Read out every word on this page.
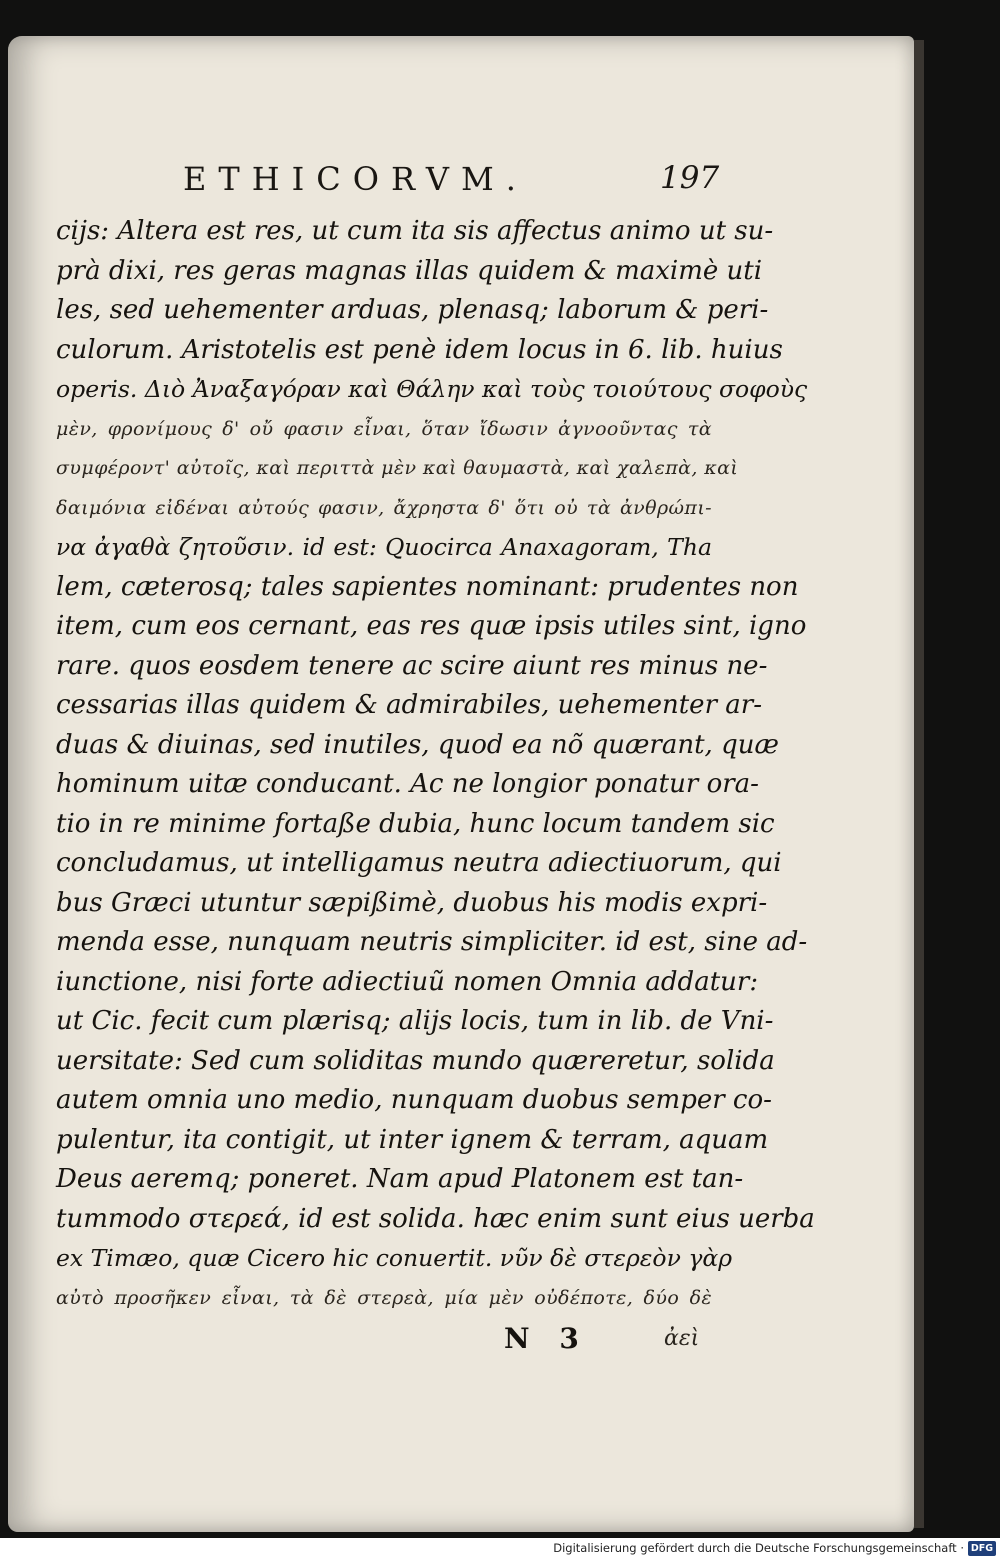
ETHICORVM.	197
cijs: Altera est res, ut cum ita sis affectus animo ut su-
prà dixi, res geras magnas illas quidem & maximè uti
les, sed uehementer arduas, plenasq; laborum & peri-
culorum. Aristotelis est penè idem locus in 6. lib. huius
operis. Διὸ Ἀναξαγόραν καὶ Θάλην καὶ τοὺς τοιούτους σοφοὺς
μὲν, φρονίμους δ' οὔ φασιν εἶναι, ὅταν ἴδωσιν ἀγνοοῦντας τὰ
συμφέροντ' αὐτοῖς, καὶ περιττὰ μὲν καὶ θαυμαστὰ, καὶ χαλεπὰ, καὶ
δαιμόνια εἰδέναι αὐτούς φασιν, ἄχρηστα δ' ὅτι οὐ τὰ ἀνθρώπι-
να ἀγαθὰ ζητοῦσιν. id est: Quocirca Anaxagoram, Tha
lem, cæterosq; tales sapientes nominant: prudentes non
item, cum eos cernant, eas res quæ ipsis utiles sint, igno
rare. quos eosdem tenere ac scire aiunt res minus ne-
cessarias illas quidem & admirabiles, uehementer ar-
duas & diuinas, sed inutiles, quod ea nõ quærant, quæ
hominum uitæ conducant. Ac ne longior ponatur ora-
tio in re minime fortaße dubia, hunc locum tandem sic
concludamus, ut intelligamus neutra adiectiuorum, qui
bus Græci utuntur sæpißimè, duobus his modis expri-
menda esse, nunquam neutris simpliciter. id est, sine ad-
iunctione, nisi forte adiectiuũ nomen Omnia addatur:
ut Cic. fecit cum plærisq; alijs locis, tum in lib. de Vni-
uersitate: Sed cum soliditas mundo quæreretur, solida
autem omnia uno medio, nunquam duobus semper co-
pulentur, ita contigit, ut inter ignem & terram, aquam
Deus aeremq; poneret. Nam apud Platonem est tan-
tummodo στερεά, id est solida. hæc enim sunt eius uerba
ex Timæo, quæ Cicero hic conuertit. νῦν δὲ στερεὸν γὰρ
αὐτὸ προσῆκεν εἶναι, τὰ δὲ στερεὰ, μία μὲν οὐδέποτε, δύο δὲ
N 3	ἀεὶ
Digitalisierung gefördert durch die Deutsche Forschungsgemeinschaft · DFG
